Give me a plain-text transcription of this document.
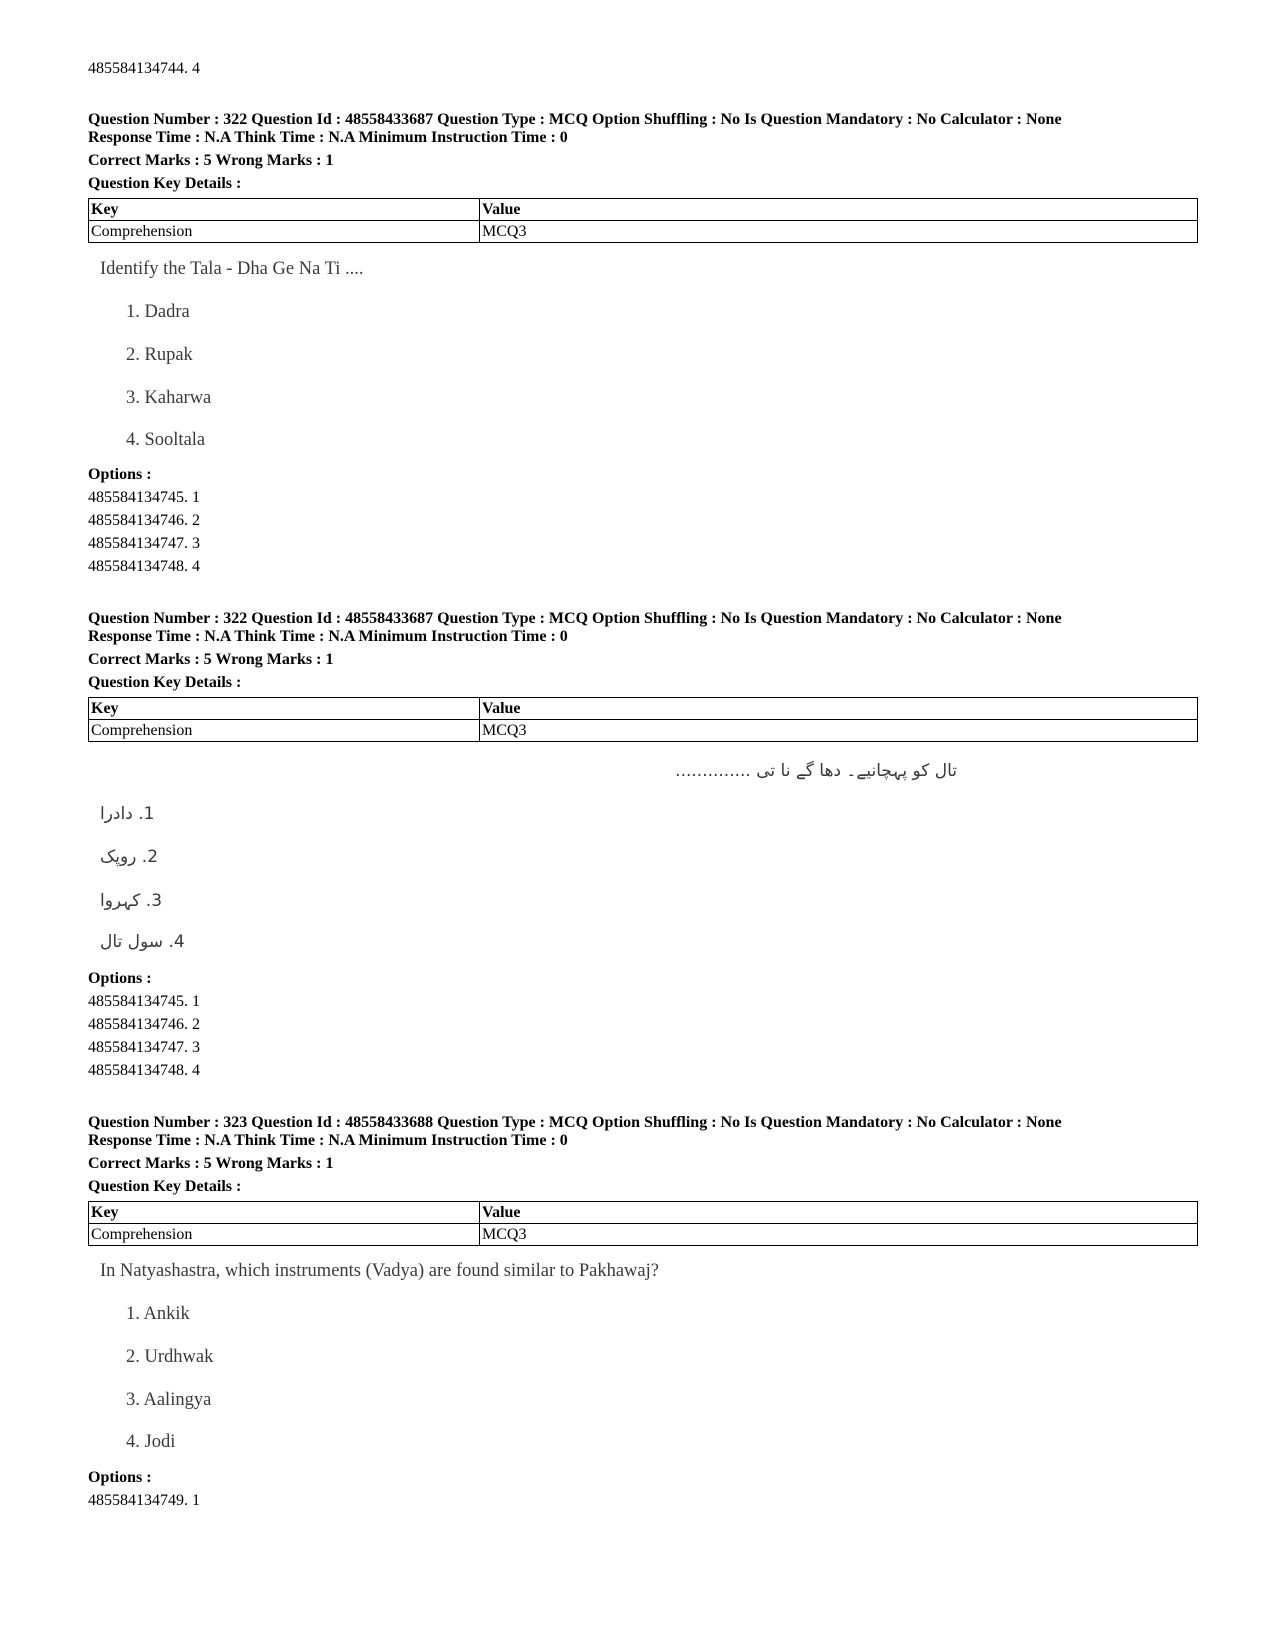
485584134744. 4
Question Number : 322 Question Id : 48558433687 Question Type : MCQ Option Shuffling : No Is Question Mandatory : No Calculator : None
Response Time : N.A Think Time : N.A Minimum Instruction Time : 0
Correct Marks : 5 Wrong Marks : 1
Question Key Details :
Key	Value
Comprehension	MCQ3
Identify the Tala - Dha Ge Na Ti ....
1. Dadra
2. Rupak
3. Kaharwa
4. Sooltala
Options :
485584134745. 1
485584134746. 2
485584134747. 3
485584134748. 4
Question Number : 322 Question Id : 48558433687 Question Type : MCQ Option Shuffling : No Is Question Mandatory : No Calculator : None
Response Time : N.A Think Time : N.A Minimum Instruction Time : 0
Correct Marks : 5 Wrong Marks : 1
Question Key Details :
Key	Value
Comprehension	MCQ3
تال کو پہچانیے۔ دھا گے نا تی ..............
1. دادرا
2. روپک
3. کہروا
4. سول تال
Options :
485584134745. 1
485584134746. 2
485584134747. 3
485584134748. 4
Question Number : 323 Question Id : 48558433688 Question Type : MCQ Option Shuffling : No Is Question Mandatory : No Calculator : None
Response Time : N.A Think Time : N.A Minimum Instruction Time : 0
Correct Marks : 5 Wrong Marks : 1
Question Key Details :
Key	Value
Comprehension	MCQ3
In Natyashastra, which instruments (Vadya) are found similar to Pakhawaj?
1. Ankik
2. Urdhwak
3. Aalingya
4. Jodi
Options :
485584134749. 1
